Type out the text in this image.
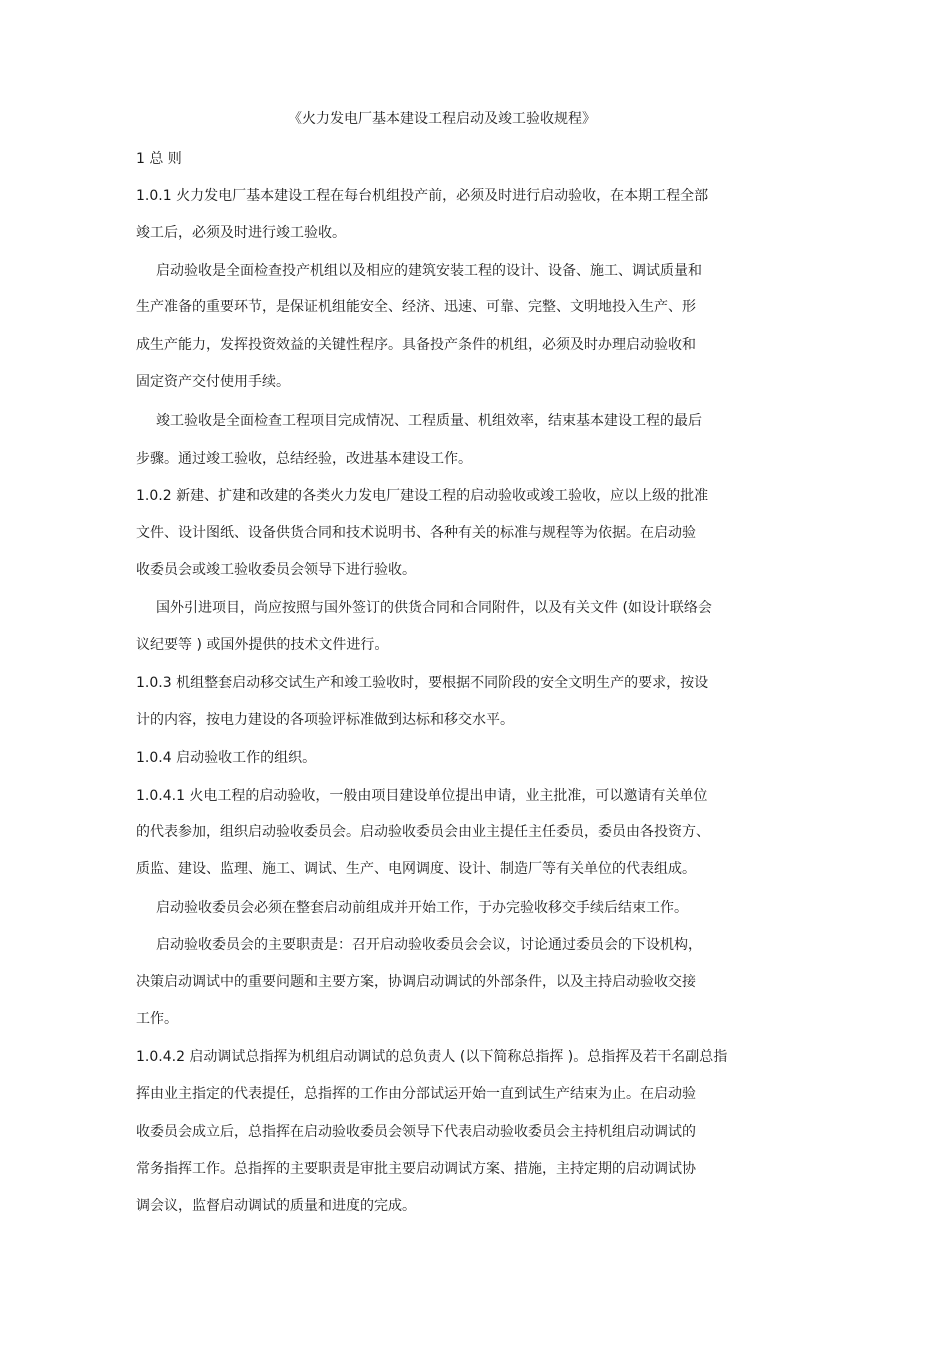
《火力发电厂基本建设工程启动及竣工验收规程》
1 总 则
1.0.1 火力发电厂基本建设工程在每台机组投产前，必须及时进行启动验收，在本期工程全部
竣工后，必须及时进行竣工验收。
启动验收是全面检查投产机组以及相应的建筑安装工程的设计、设备、施工、调试质量和
生产准备的重要环节，是保证机组能安全、经济、迅速、可靠、完整、文明地投入生产、形
成生产能力，发挥投资效益的关键性程序。具备投产条件的机组，必须及时办理启动验收和
固定资产交付使用手续。
竣工验收是全面检查工程项目完成情况、工程质量、机组效率，结束基本建设工程的最后
步骤。通过竣工验收，总结经验，改进基本建设工作。
1.0.2 新建、扩建和改建的各类火力发电厂建设工程的启动验收或竣工验收，应以上级的批准
文件、设计图纸、设备供货合同和技术说明书、各种有关的标准与规程等为依据。在启动验
收委员会或竣工验收委员会领导下进行验收。
国外引进项目，尚应按照与国外签订的供货合同和合同附件，以及有关文件 (如设计联络会
议纪要等 ) 或国外提供的技术文件进行。
1.0.3 机组整套启动移交试生产和竣工验收时，要根据不同阶段的安全文明生产的要求，按设
计的内容，按电力建设的各项验评标准做到达标和移交水平。
1.0.4 启动验收工作的组织。
1.0.4.1 火电工程的启动验收，一般由项目建设单位提出申请，业主批准，可以邀请有关单位
的代表参加，组织启动验收委员会。启动验收委员会由业主提任主任委员，委员由各投资方、
质监、建设、监理、施工、调试、生产、电网调度、设计、制造厂等有关单位的代表组成。
启动验收委员会必须在整套启动前组成并开始工作，于办完验收移交手续后结束工作。
启动验收委员会的主要职责是：召开启动验收委员会会议，讨论通过委员会的下设机构，
决策启动调试中的重要问题和主要方案，协调启动调试的外部条件，以及主持启动验收交接
工作。
1.0.4.2 启动调试总指挥为机组启动调试的总负责人 (以下简称总指挥 )。总指挥及若干名副总指
挥由业主指定的代表提任，总指挥的工作由分部试运开始一直到试生产结束为止。在启动验
收委员会成立后，总指挥在启动验收委员会领导下代表启动验收委员会主持机组启动调试的
常务指挥工作。总指挥的主要职责是审批主要启动调试方案、措施，主持定期的启动调试协
调会议，监督启动调试的质量和进度的完成。
